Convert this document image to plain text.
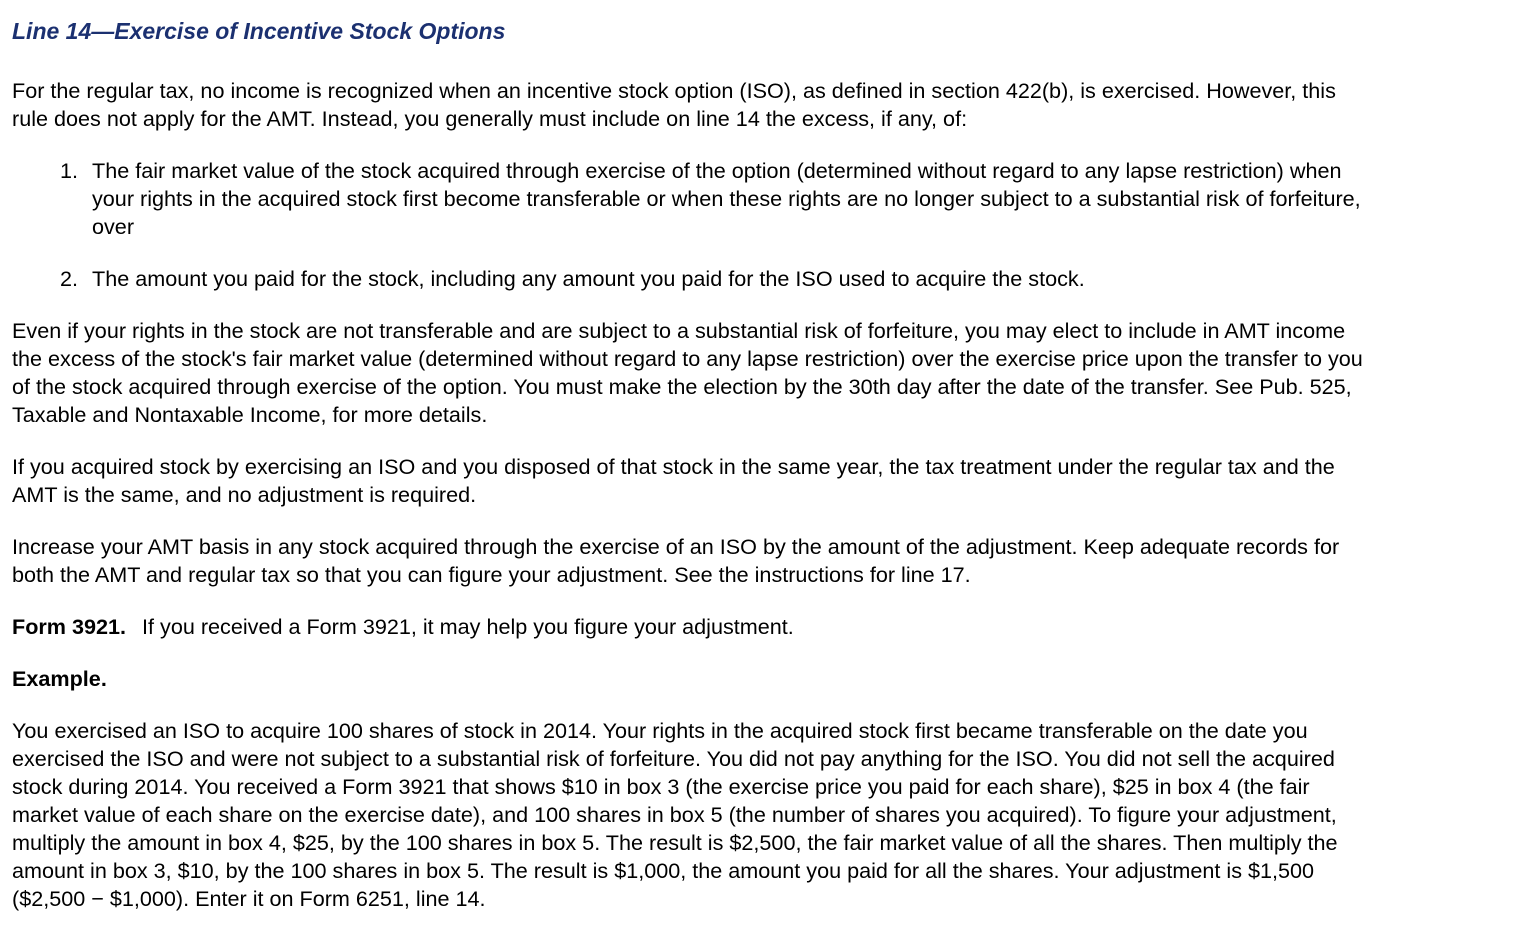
Line 14—Exercise of Incentive Stock Options

For the regular tax, no income is recognized when an incentive stock option (ISO), as defined in section 422(b), is exercised. However, this
rule does not apply for the AMT. Instead, you generally must include on line 14 the excess, if any, of:

1. The fair market value of the stock acquired through exercise of the option (determined without regard to any lapse restriction) when
your rights in the acquired stock first become transferable or when these rights are no longer subject to a substantial risk of forfeiture,
over
2. The amount you paid for the stock, including any amount you paid for the ISO used to acquire the stock.

Even if your rights in the stock are not transferable and are subject to a substantial risk of forfeiture, you may elect to include in AMT income
the excess of the stock's fair market value (determined without regard to any lapse restriction) over the exercise price upon the transfer to you
of the stock acquired through exercise of the option. You must make the election by the 30th day after the date of the transfer. See Pub. 525,
Taxable and Nontaxable Income, for more details.

If you acquired stock by exercising an ISO and you disposed of that stock in the same year, the tax treatment under the regular tax and the
AMT is the same, and no adjustment is required.

Increase your AMT basis in any stock acquired through the exercise of an ISO by the amount of the adjustment. Keep adequate records for
both the AMT and regular tax so that you can figure your adjustment. See the instructions for line 17.

Form 3921. If you received a Form 3921, it may help you figure your adjustment.

Example.

You exercised an ISO to acquire 100 shares of stock in 2014. Your rights in the acquired stock first became transferable on the date you
exercised the ISO and were not subject to a substantial risk of forfeiture. You did not pay anything for the ISO. You did not sell the acquired
stock during 2014. You received a Form 3921 that shows $10 in box 3 (the exercise price you paid for each share), $25 in box 4 (the fair
market value of each share on the exercise date), and 100 shares in box 5 (the number of shares you acquired). To figure your adjustment,
multiply the amount in box 4, $25, by the 100 shares in box 5. The result is $2,500, the fair market value of all the shares. Then multiply the
amount in box 3, $10, by the 100 shares in box 5. The result is $1,000, the amount you paid for all the shares. Your adjustment is $1,500
($2,500 − $1,000). Enter it on Form 6251, line 14.
